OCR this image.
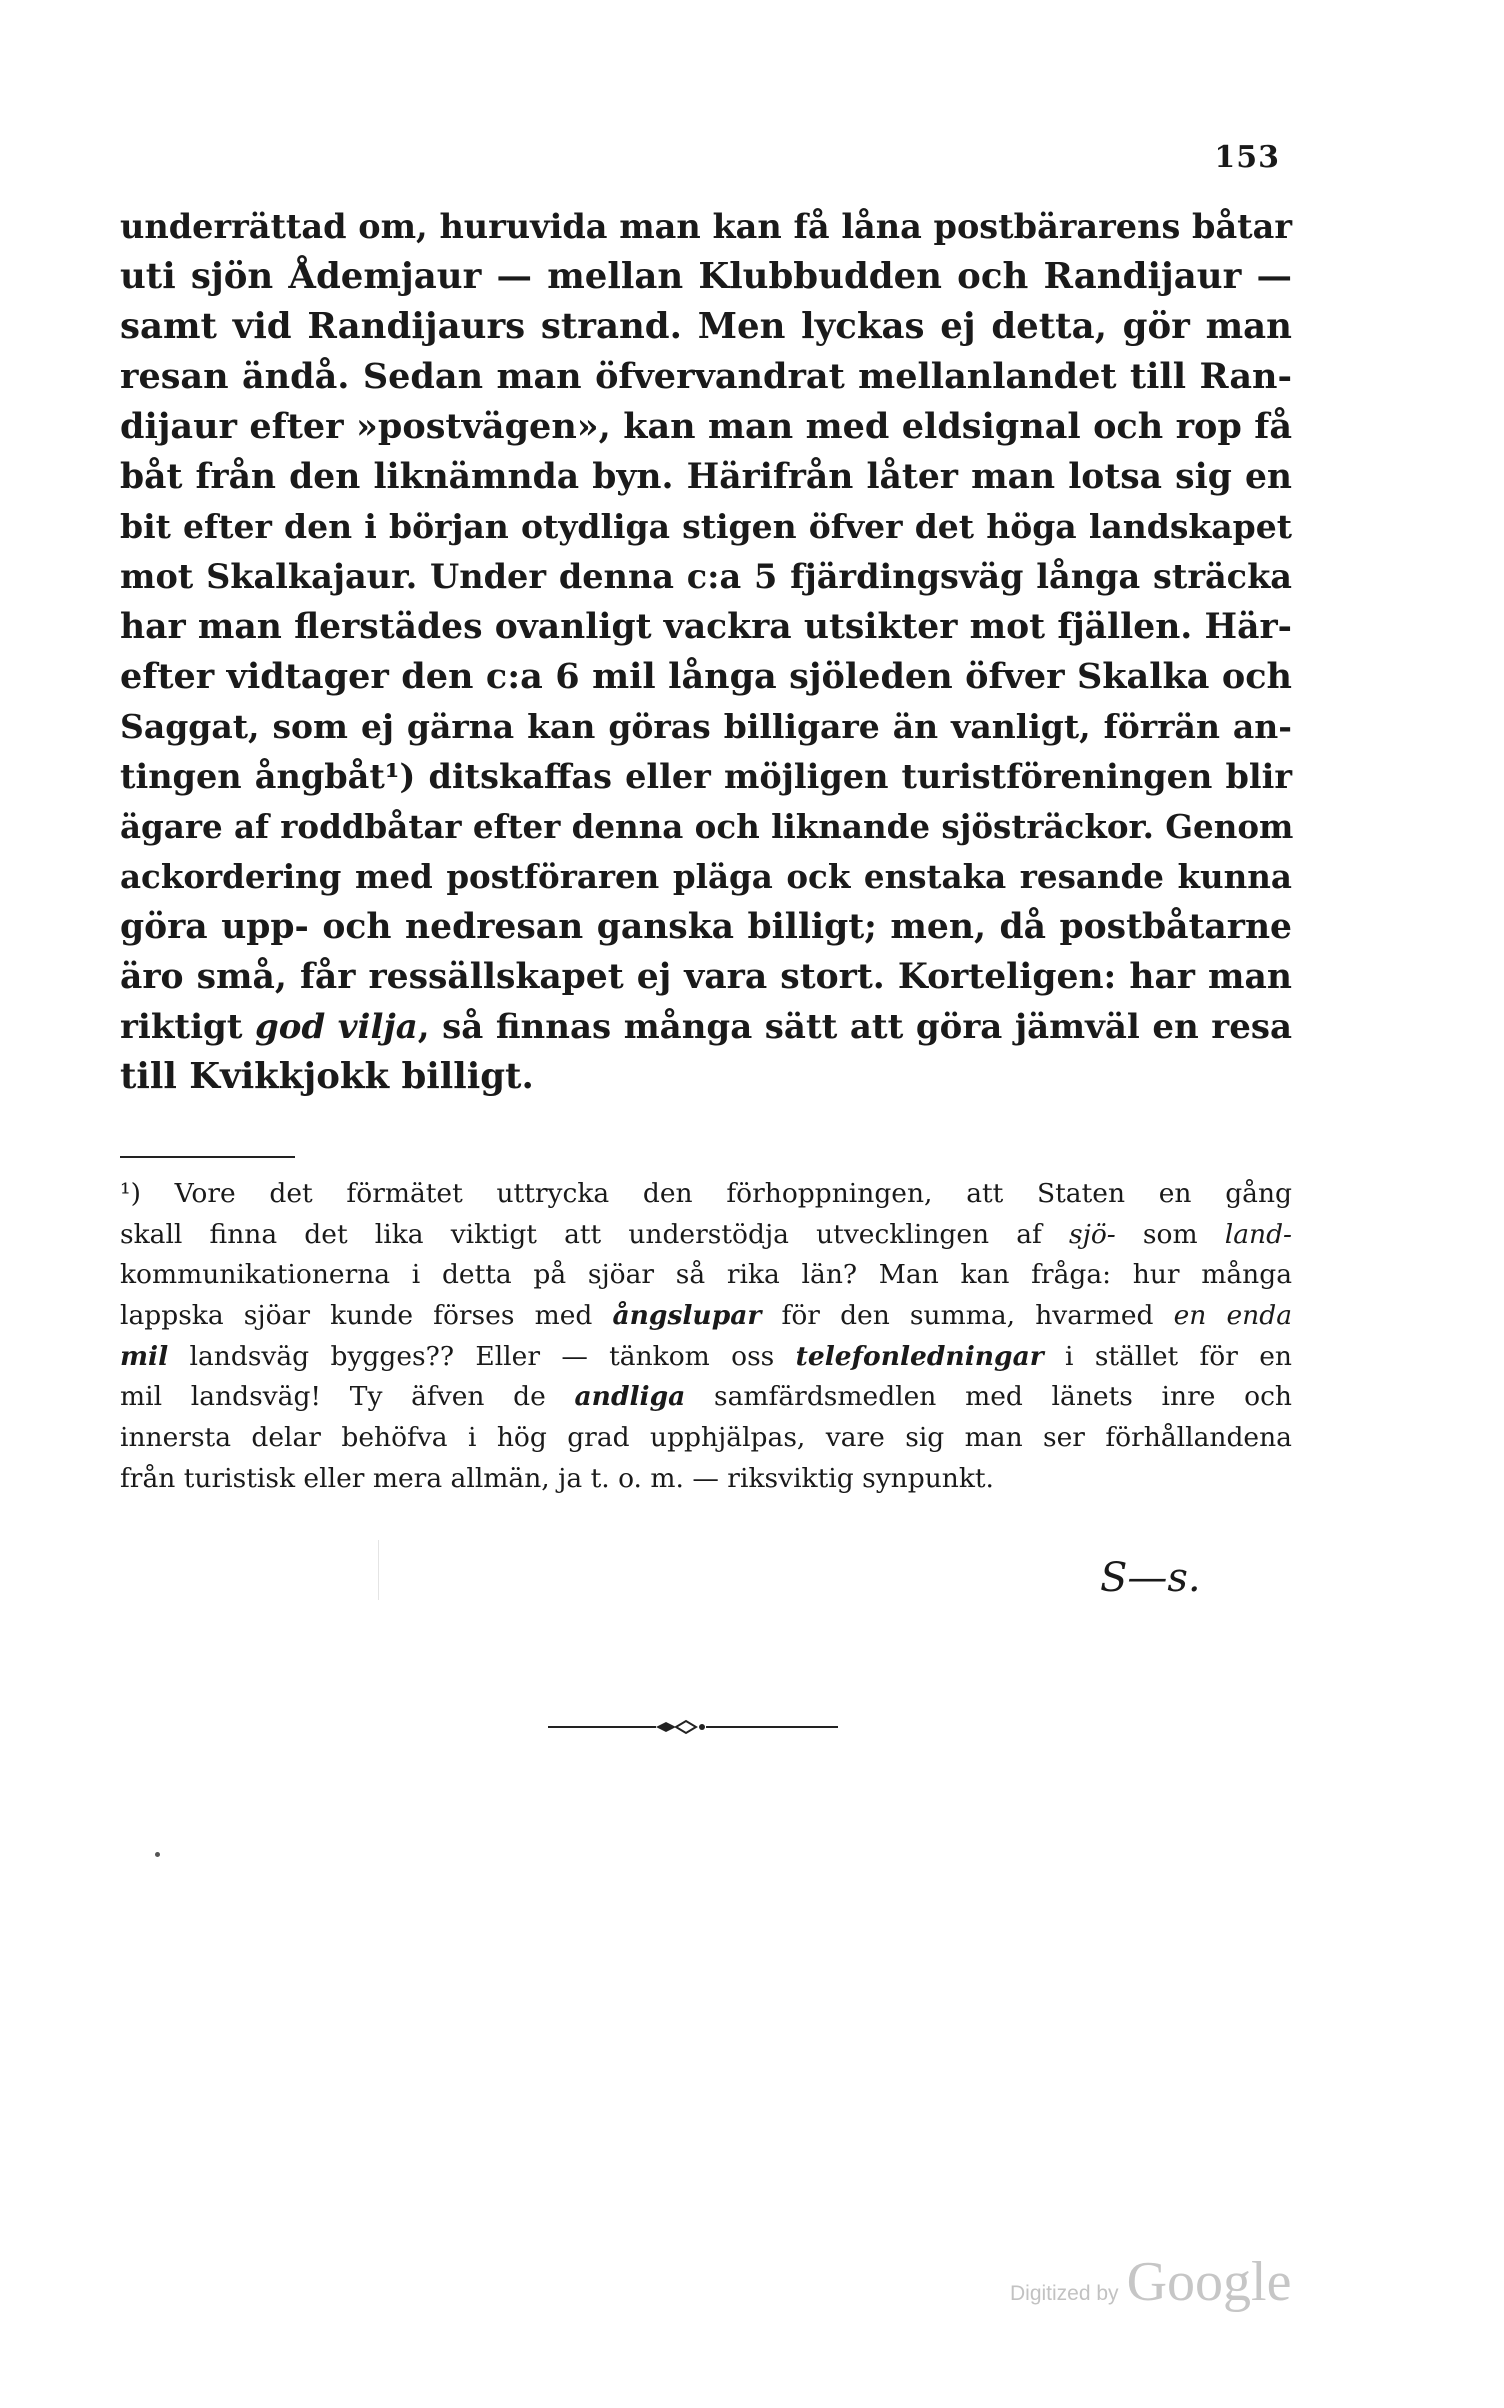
153
underrättad om, huruvida man kan få låna postbärarens båtar
uti sjön Ådemjaur — mellan Klubbudden och Randijaur —
samt vid Randijaurs strand. Men lyckas ej detta, gör man
resan ändå. Sedan man öfvervandrat mellanlandet till Ran-
dijaur efter »postvägen», kan man med eldsignal och rop få
båt från den liknämnda byn. Härifrån låter man lotsa sig en
bit efter den i början otydliga stigen öfver det höga landskapet
mot Skalkajaur. Under denna c:a 5 fjärdingsväg långa sträcka
har man flerstädes ovanligt vackra utsikter mot fjällen. Här-
efter vidtager den c:a 6 mil långa sjöleden öfver Skalka och
Saggat, som ej gärna kan göras billigare än vanligt, förrän an-
tingen ångbåt¹) ditskaffas eller möjligen turistföreningen blir
ägare af roddbåtar efter denna och liknande sjösträckor. Genom
ackordering med postföraren pläga ock enstaka resande kunna
göra upp- och nedresan ganska billigt; men, då postbåtarne
äro små, får ressällskapet ej vara stort. Korteligen: har man
riktigt god vilja, så finnas många sätt att göra jämväl en resa
till Kvikkjokk billigt.
¹) Vore det förmätet uttrycka den förhoppningen, att Staten en gång
skall finna det lika viktigt att understödja utvecklingen af sjö- som land-
kommunikationerna i detta på sjöar så rika län? Man kan fråga: hur många
lappska sjöar kunde förses med ångslupar för den summa, hvarmed en enda
mil landsväg bygges?? Eller — tänkom oss telefonledningar i stället för en
mil landsväg! Ty äfven de andliga samfärdsmedlen med länets inre och
innersta delar behöfva i hög grad upphjälpas, vare sig man ser förhållandena
från turistisk eller mera allmän, ja t. o. m. — riksviktig synpunkt.
S—s.
Digitized by Google
